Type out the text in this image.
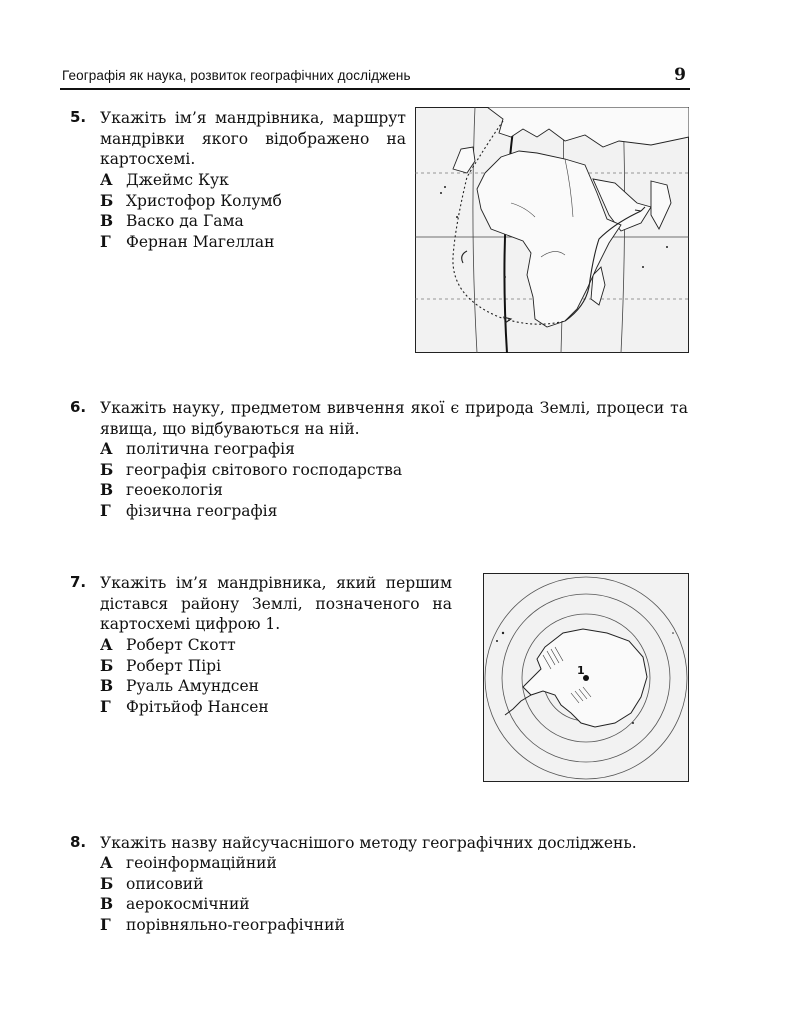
Географія як наука, розвиток географічних досліджень	9
5. Укажіть ім’я мандрівника, маршрут мандрівки якого відображено на картосхемі.
А Джеймс Кук
Б Христофор Колумб
В Васко да Гама
Г Фернан Магеллан
6. Укажіть науку, предметом вивчення якої є природа Землі, процеси та явища, що відбуваються на ній.
А політична географія
Б географія світового господарства
В геоекологія
Г фізична географія
7. Укажіть ім’я мандрівника, який першим дістався району Землі, позначеного на картосхемі цифрою 1.
А Роберт Скотт
Б Роберт Пірі
В Руаль Амундсен
Г Фрітьйоф Нансен
1
8. Укажіть назву найсучаснішого методу географічних досліджень.
А геоінформаційний
Б описовий
В аерокосмічний
Г порівняльно-географічний
